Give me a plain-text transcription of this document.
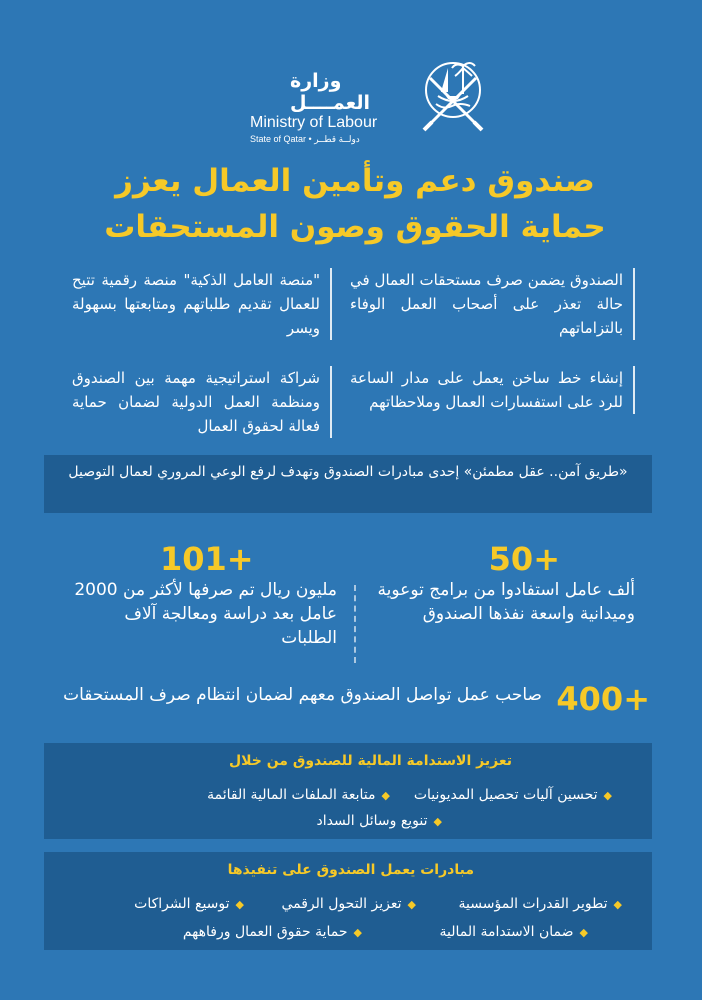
وزارة العمــــل
Ministry of Labour
State of Qatar • دولــة قطــر
صندوق دعم وتأمين العمال يعزز
حماية الحقوق وصون المستحقات
الصندوق يضمن صرف مستحقات العمال في حالة تعذر على أصحاب العمل الوفاء بالتزاماتهم
"منصة العامل الذكية" منصة رقمية تتيح للعمال تقديم طلباتهم ومتابعتها بسهولة ويسر
إنشاء خط ساخن يعمل على مدار الساعة للرد على استفسارات العمال وملاحظاتهم
شراكة استراتيجية مهمة بين الصندوق ومنظمة العمل الدولية لضمان حماية فعالة لحقوق العمال
«طريق آمن.. عقل مطمئن» إحدى مبادرات الصندوق وتهدف لرفع الوعي المروري لعمال التوصيل
50+
ألف عامل استفادوا من برامج توعوية وميدانية واسعة نفذها الصندوق
101+
مليون ريال تم صرفها لأكثر من 2000 عامل بعد دراسة ومعالجة آلاف الطلبات
400+
صاحب عمل تواصل الصندوق معهم لضمان انتظام صرف المستحقات
تعزيز الاستدامة المالية للصندوق من خلال
◆تحسين آليات تحصيل المديونيات
◆متابعة الملفات المالية القائمة
◆تنويع وسائل السداد
مبادرات يعمل الصندوق على تنفيذها
◆تطوير القدرات المؤسسية
◆تعزيز التحول الرقمي
◆توسيع الشراكات
◆ضمان الاستدامة المالية
◆حماية حقوق العمال ورفاههم
